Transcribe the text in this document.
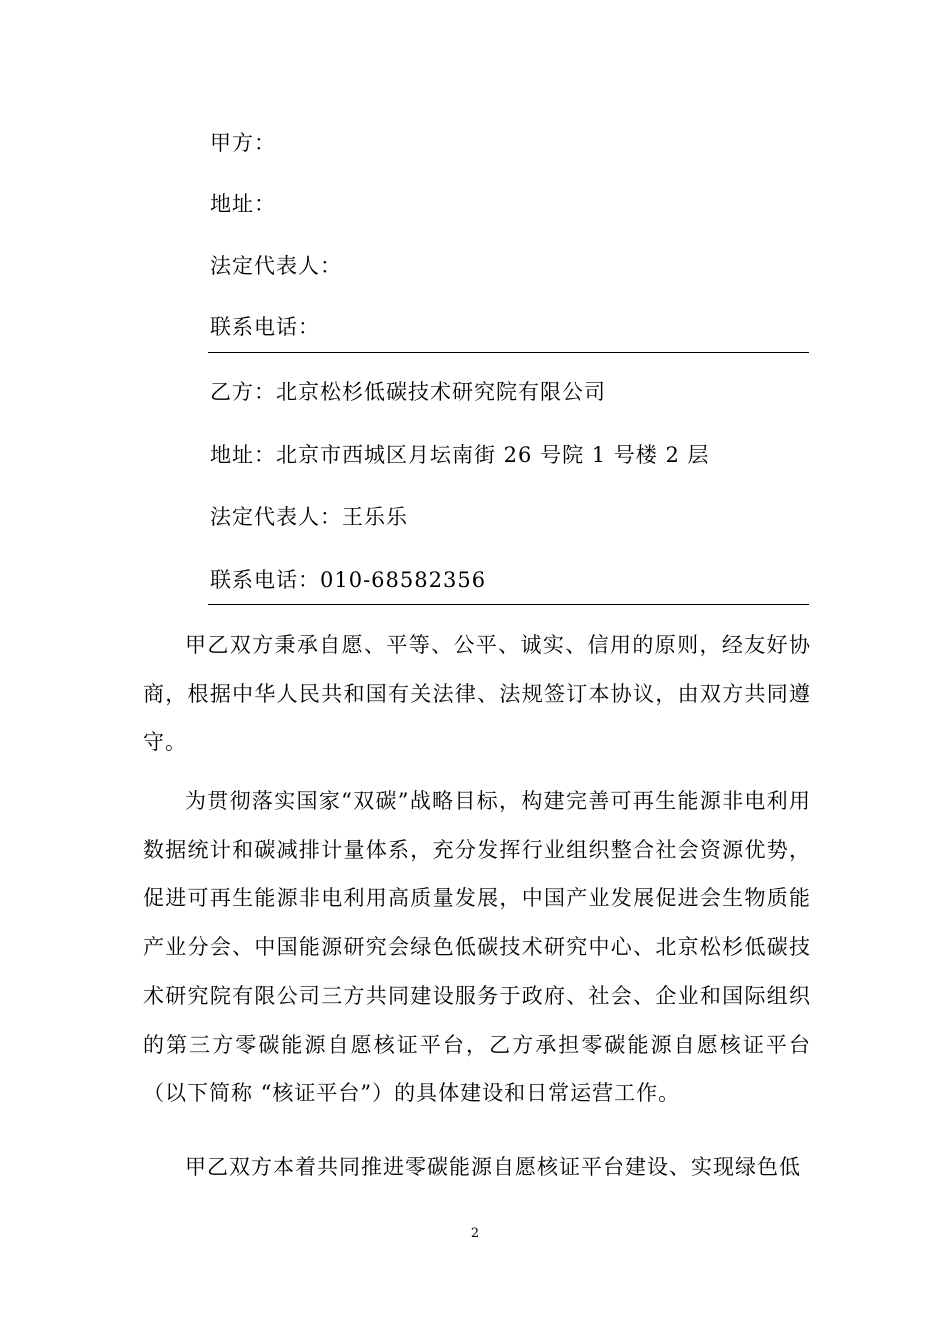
甲方：
地址：
法定代表人：
联系电话：
乙方：北京松杉低碳技术研究院有限公司
地址：北京市西城区月坛南街 26 号院 1 号楼 2 层
法定代表人：王乐乐
联系电话：010-68582356

甲乙双方秉承自愿、平等、公平、诚实、信用的原则，经友好协商，根据中华人民共和国有关法律、法规签订本协议，由双方共同遵守。

为贯彻落实国家“双碳”战略目标，构建完善可再生能源非电利用数据统计和碳减排计量体系，充分发挥行业组织整合社会资源优势，促进可再生能源非电利用高质量发展，中国产业发展促进会生物质能产业分会、中国能源研究会绿色低碳技术研究中心、北京松杉低碳技术研究院有限公司三方共同建设服务于政府、社会、企业和国际组织的第三方零碳能源自愿核证平台，乙方承担零碳能源自愿核证平台（以下简称 “核证平台”）的具体建设和日常运营工作。

甲乙双方本着共同推进零碳能源自愿核证平台建设、实现绿色低

2
